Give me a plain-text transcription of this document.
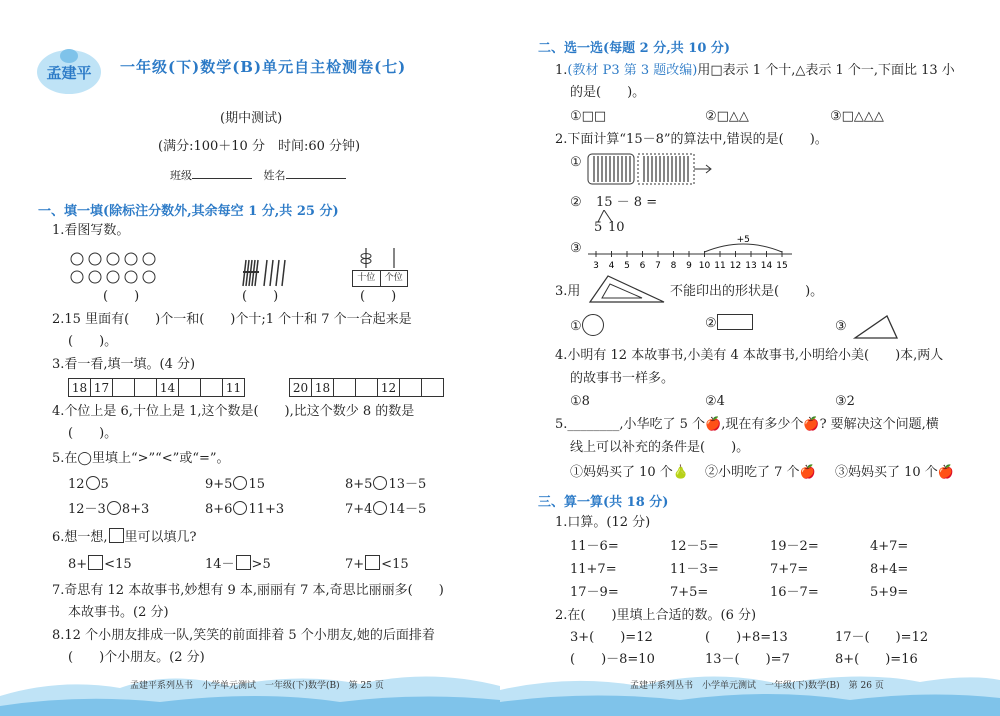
孟建平 一年级(下)数学(B)单元自主检测卷(七)
(期中测试)
(满分:100＋10 分　时间:60 分钟)
班级	姓名
一、填一填(除标注分数外,其余每空 1 分,共 25 分)
1.看图写数。
(　　)	(　　)
十位	个位
(　　)
2.15 里面有(　　)个一和(　　)个十;1 个十和 7 个一合起来是
(　　)。
3.看一看,填一填。(4 分)
18	17			14			11	20	18			12		
4.个位上是 6,十位上是 1,这个数是(　　),比这个数少 8 的数是
(　　)。
5.在◯里填上“>”“<”或“=”。
12 5	9+5 15	8+5 13－5
12－3 8+3	8+6 11+3	7+4 14－5
6.想一想, 里可以填几?
8+ <15	14－ >5	7+ <15
7.奇思有 12 本故事书,妙想有 9 本,丽丽有 7 本,奇思比丽丽多(　　)
本故事书。(2 分)
8.12 个小朋友排成一队,笑笑的前面排着 5 个小朋友,她的后面排着
(　　)个小朋友。(2 分)
孟建平系列丛书　小学单元测试　一年级(下)数学(B)　第 25 页
二、选一选(每题 2 分,共 10 分)
1.(教材 P3 第 3 题改编)用□表示 1 个十,△表示 1 个一,下面比 13 小
的是(　　)。
①□□	②□△△	③□△△△
2.下面计算“15－8”的算法中,错误的是(　　)。
①
② 15 － 8 =
5 10
③
3 4 5 6 7 8 9 10 11 12 13 14 15
+5
3.用	不能印出的形状是(　　)。
①	②	③
4.小明有 12 本故事书,小美有 4 本故事书,小明给小美(　　)本,两人
的故事书一样多。
①8	②4	③2
5.________,小华吃了 5 个🍎,现在有多少个🍎? 要解决这个问题,横
线上可以补充的条件是(　　)。
①妈妈买了 10 个🍐 ②小明吃了 7 个🍎 ③妈妈买了 10 个🍎
三、算一算(共 18 分)
1.口算。(12 分)
11－6=	12－5=	19－2=	4+7=
11+7=	11－3=	7+7=	8+4=
17－9=	7+5=	16－7=	5+9=
2.在(　　)里填上合适的数。(6 分)
3+(　　)=12	(　　)+8=13	17－(　　)=12
(　　)－8=10	13－(　　)=7	8+(　　)=16
孟建平系列丛书　小学单元测试　一年级(下)数学(B)　第 26 页
